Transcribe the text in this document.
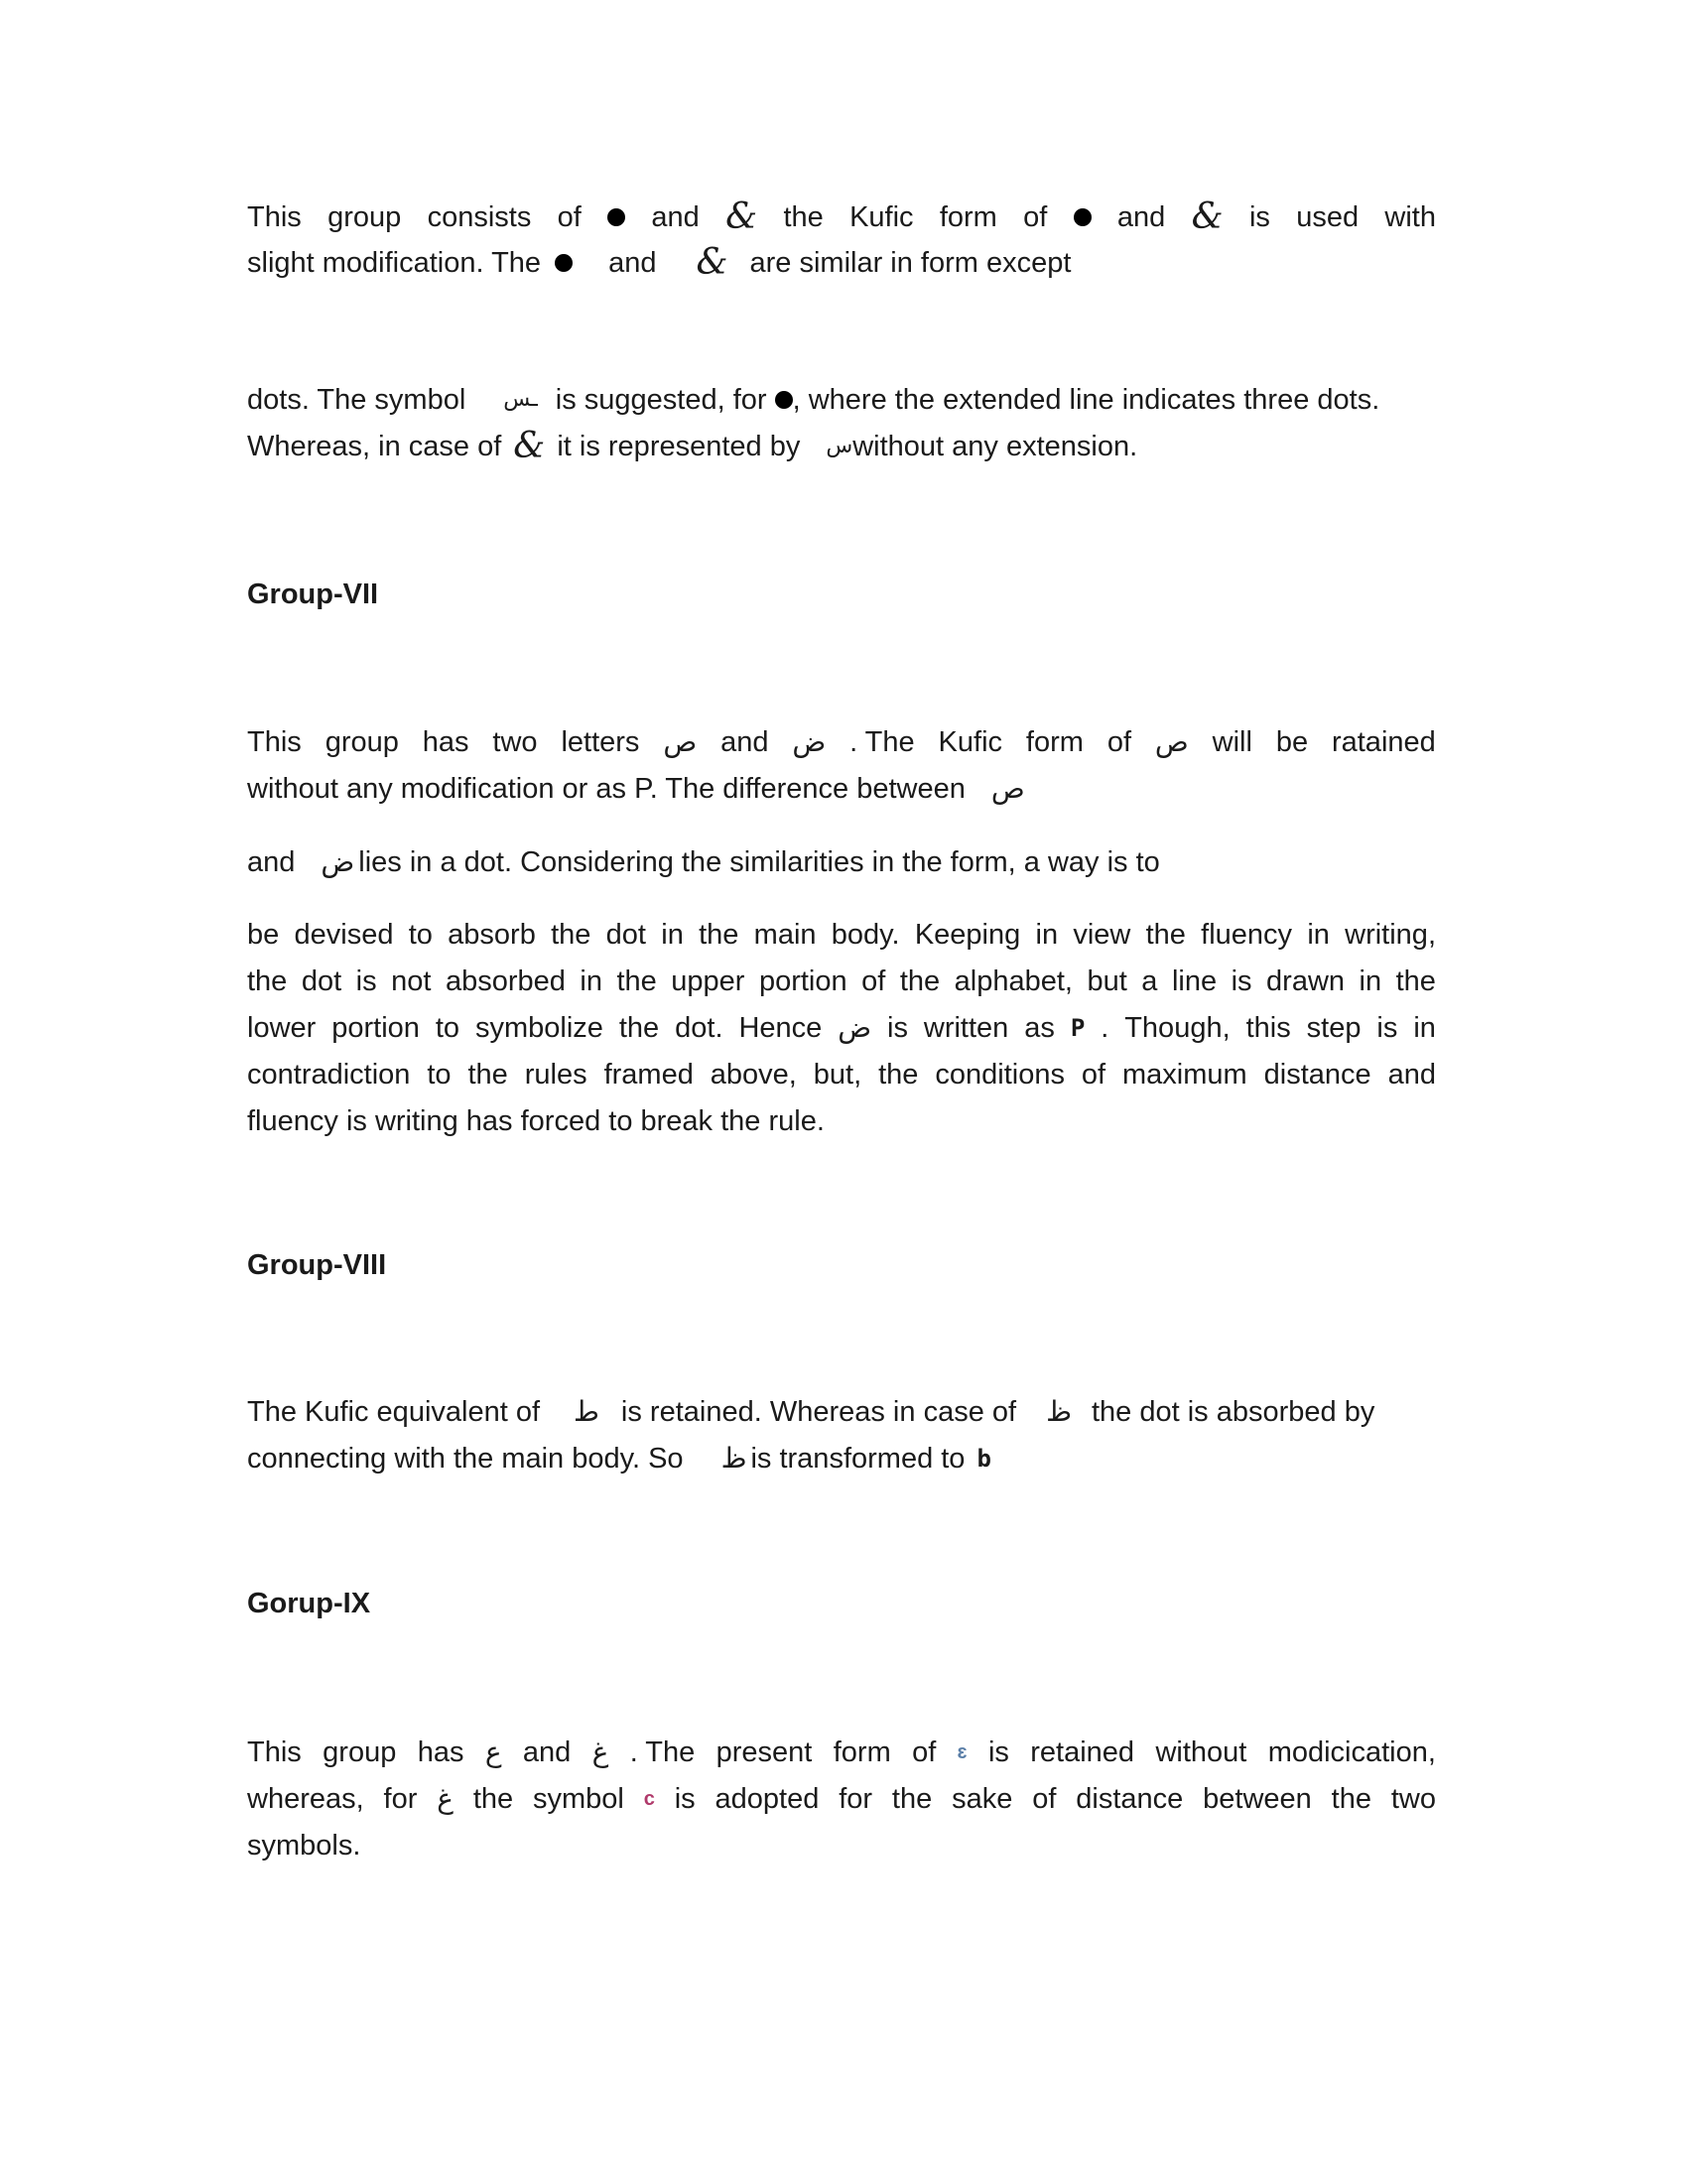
This group consists of and & the Kufic form of and & is used with
slight modification. The and & are similar in form except
dots. The symbol ـس is suggested, for , where the extended line indicates three dots.
Whereas, in case of & it is represented by س without any extension.
Group-VII
This group has two letters ص and ض . The Kufic form of ص will be ratained
without any modification or as P. The difference between ص
and ض lies in a dot. Considering the similarities in the form, a way is to
be devised to absorb the dot in the main body. Keeping in view the fluency in writing,
the dot is not absorbed in the upper portion of the alphabet, but a line is drawn in the
lower portion to symbolize the dot. Hence ض is written as P . Though, this step is in
contradiction to the rules framed above, but, the conditions of maximum distance and
fluency is writing has forced to break the rule.
Group-VIII
The Kufic equivalent of ط is retained. Whereas in case of ظ the dot is absorbed by
connecting with the main body. So ظ is transformed to b
Gorup-IX
This group has ع and غ . The present form of ɛ is retained without modicication,
whereas, for غ the symbol c is adopted for the sake of distance between the two
symbols.
